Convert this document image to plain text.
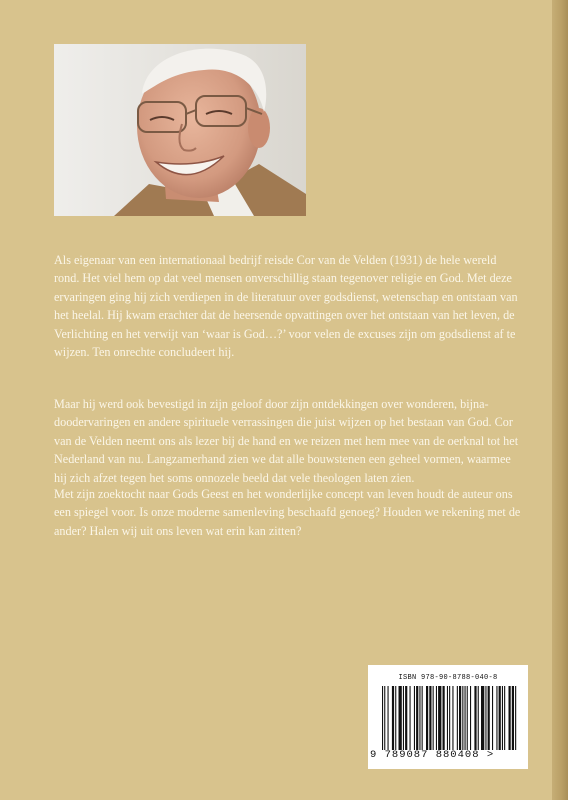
Als eigenaar van een internationaal bedrijf reisde Cor van de Velden (1931) de hele wereld rond. Het viel hem op dat veel mensen onverschillig staan tegenover religie en God. Met deze ervaringen ging hij zich verdiepen in de literatuur over godsdienst, wetenschap en ontstaan van het heelal. Hij kwam erachter dat de heersende opvattingen over het ontstaan van het leven, de Verlichting en het verwijt van ‘waar is God…?’ voor velen de excuses zijn om godsdienst af te wijzen. Ten onrechte concludeert hij.

Maar hij werd ook bevestigd in zijn geloof door zijn ontdekkingen over wonderen, bijna-doodervaringen en andere spirituele verrassingen die juist wijzen op het bestaan van God. Cor van de Velden neemt ons als lezer bij de hand en we reizen met hem mee van de oerknal tot het Nederland van nu. Langzamerhand zien we dat alle bouwstenen een geheel vormen, waarmee hij zich afzet tegen het soms onnozele beeld dat vele theologen laten zien.

Met zijn zoektocht naar Gods Geest en het wonderlijke concept van leven houdt de auteur ons een spiegel voor. Is onze moderne samenleving beschaafd genoeg? Houden we rekening met de ander? Halen wij uit ons leven wat erin kan zitten?

ISBN 978-90-8788-040-8
9 789087 880408 >
